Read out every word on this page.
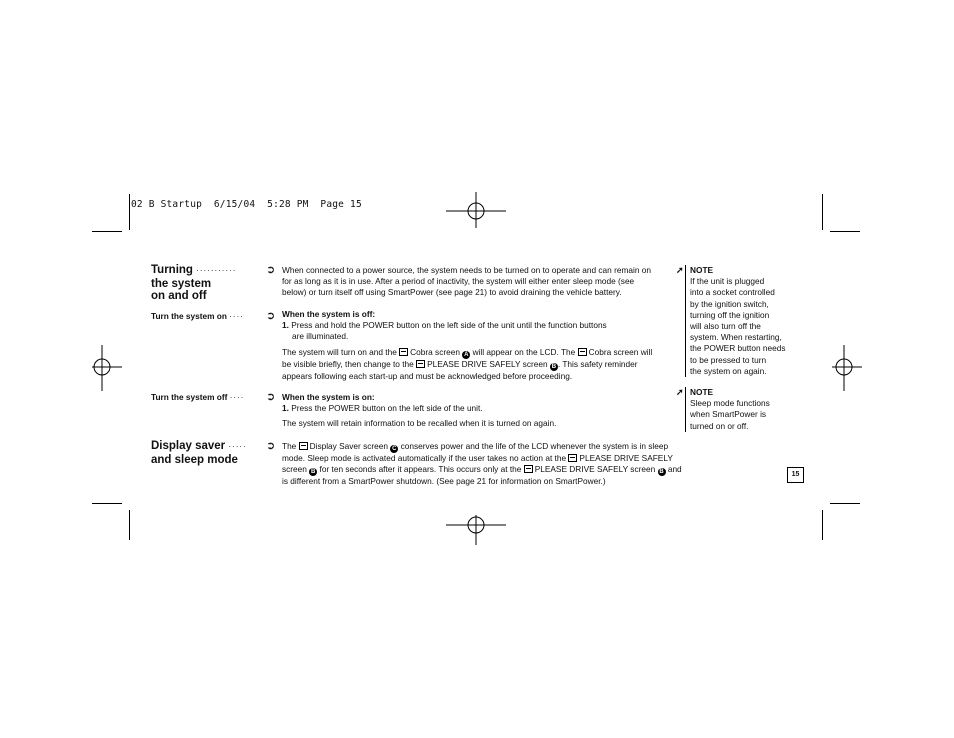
02 B Startup  6/15/04  5:28 PM  Page 15
Turning ···········
the system
on and off
➲ When connected to a power source, the system needs to be turned on to operate and can remain on for as long as it is in use. After a period of inactivity, the system will either enter sleep mode (see below) or turn itself off using SmartPower (see page 21) to avoid draining the vehicle battery.
Turn the system on ···· ➲ When the system is off:
1. Press and hold the POWER button on the left side of the unit until the function buttons
are illuminated.
The system will turn on and the Cobra screen A will appear on the LCD. The Cobra screen will be visible briefly, then change to the PLEASE DRIVE SAFELY screen B . This safety reminder appears following each start-up and must be acknowledged before proceeding.
Turn the system off ···· ➲ When the system is on:
1. Press the POWER button on the left side of the unit.
The system will retain information to be recalled when it is turned on again.
Display saver ·····
and sleep mode
➲ The Display Saver screen C conserves power and the life of the LCD whenever the system is in sleep mode. Sleep mode is activated automatically if the user takes no action at the PLEASE DRIVE SAFELY screen B for ten seconds after it appears. This occurs only at the PLEASE DRIVE SAFELY screen B and is different from a SmartPower shutdown. (See page 21 for information on SmartPower.)
➚ NOTE
If the unit is plugged
into a socket controlled
by the ignition switch,
turning off the ignition
will also turn off the
system. When restarting,
the POWER button needs
to be pressed to turn
the system on again.
➚ NOTE
Sleep mode functions
when SmartPower is
turned on or off.
15
